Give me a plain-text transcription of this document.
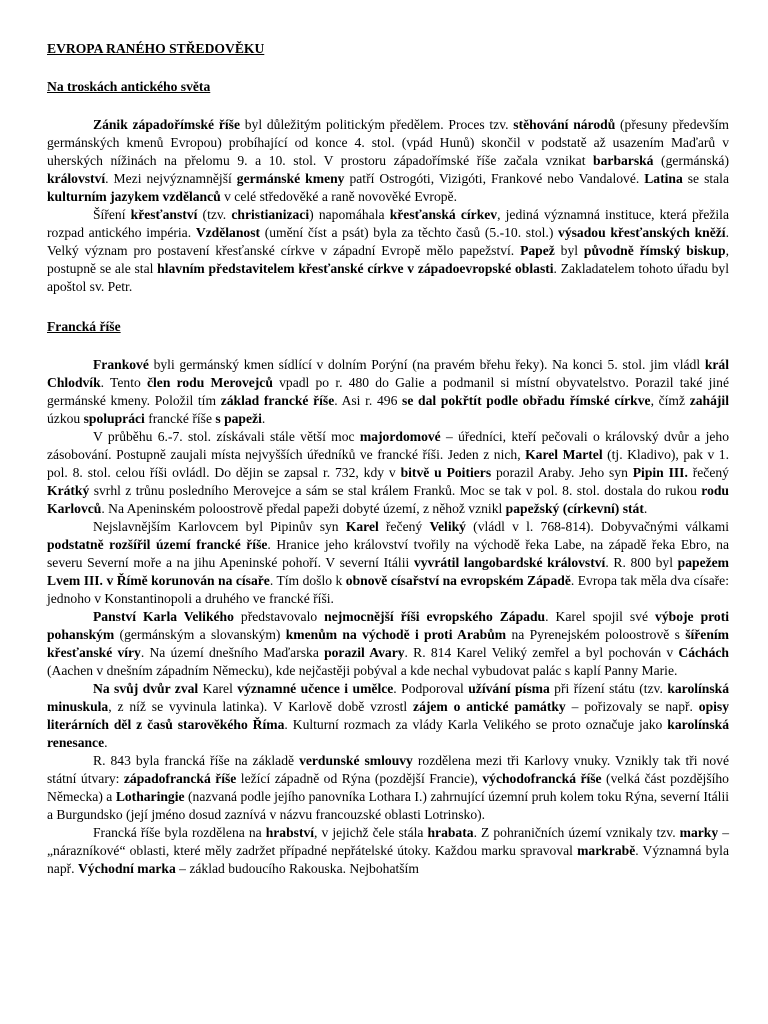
EVROPA RANÉHO STŘEDOVĚKU
Na troskách antického světa

Zánik západořímské říše byl důležitým politickým předělem. Proces tzv. stěhování národů (přesuny především germánských kmenů Evropou) probíhající od konce 4. stol. (vpád Hunů) skončil v podstatě až usazením Maďarů v uherských nížinách na přelomu 9. a 10. stol. V prostoru západořímské říše začala vznikat barbarská (germánská) království. Mezi nejvýznamnější germánské kmeny patří Ostrogóti, Vizigóti, Frankové nebo Vandalové. Latina se stala kulturním jazykem vzdělanců v celé středověké a raně novověké Evropě.

Šíření křesťanství (tzv. christianizaci) napomáhala křesťanská církev, jediná významná instituce, která přežila rozpad antického impéria. Vzdělanost (umění číst a psát) byla za těchto časů (5.-10. stol.) výsadou křesťanských kněží. Velký význam pro postavení křesťanské církve v západní Evropě mělo papežství. Papež byl původně římský biskup, postupně se ale stal hlavním představitelem křesťanské církve v západoevropské oblasti. Zakladatelem tohoto úřadu byl apoštol sv. Petr.

Francká říše

Frankové byli germánský kmen sídlící v dolním Porýní (na pravém břehu řeky). Na konci 5. stol. jim vládl král Chlodvík. Tento člen rodu Merovejců vpadl po r. 480 do Galie a podmanil si místní obyvatelstvo. Porazil také jiné germánské kmeny. Položil tím základ francké říše. Asi r. 496 se dal pokřtít podle obřadu římské církve, čímž zahájil úzkou spolupráci francké říše s papeži.

V průběhu 6.-7. stol. získávali stále větší moc majordomové – úředníci, kteří pečovali o královský dvůr a jeho zásobování. Postupně zaujali místa nejvyšších úředníků ve francké říši. Jeden z nich, Karel Martel (tj. Kladivo), pak v 1. pol. 8. stol. celou říši ovládl. Do dějin se zapsal r. 732, kdy v bitvě u Poitiers porazil Araby. Jeho syn Pipin III. řečený Krátký svrhl z trůnu posledního Merovejce a sám se stal králem Franků. Moc se tak v pol. 8. stol. dostala do rukou rodu Karlovců. Na Apeninském poloostrově předal papeži dobyté území, z něhož vznikl papežský (církevní) stát.

Nejslavnějším Karlovcem byl Pipinův syn Karel řečený Veliký (vládl v l. 768-814). Dobyvačnými válkami podstatně rozšířil území francké říše. Hranice jeho království tvořily na východě řeka Labe, na západě řeka Ebro, na severu Severní moře a na jihu Apeninské pohoří. V severní Itálii vyvrátil langobardské království. R. 800 byl papežem Lvem III. v Římě korunován na císaře. Tím došlo k obnově císařství na evropském Západě. Evropa tak měla dva císaře: jednoho v Konstantinopoli a druhého ve francké říši.

Panství Karla Velikého představovalo nejmocnější říši evropského Západu. Karel spojil své výboje proti pohanským (germánským a slovanským) kmenům na východě i proti Arabům na Pyrenejském poloostrově s šířením křesťanské víry. Na území dnešního Maďarska porazil Avary. R. 814 Karel Veliký zemřel a byl pochován v Cáchách (Aachen v dnešním západním Německu), kde nejčastěji pobýval a kde nechal vybudovat palác s kaplí Panny Marie.

Na svůj dvůr zval Karel významné učence i umělce. Podporoval užívání písma při řízení státu (tzv. karolínská minuskula, z níž se vyvinula latinka). V Karlově době vzrostl zájem o antické památky – pořizovaly se např. opisy literárních děl z časů starověkého Říma. Kulturní rozmach za vlády Karla Velikého se proto označuje jako karolínská renesance.

R. 843 byla francká říše na základě verdunské smlouvy rozdělena mezi tři Karlovy vnuky. Vznikly tak tři nové státní útvary: západofrancká říše ležící západně od Rýna (pozdější Francie), východofrancká říše (velká část pozdějšího Německa) a Lotharingie (nazvaná podle jejího panovníka Lothara I.) zahrnující územní pruh kolem toku Rýna, severní Itálii a Burgundsko (její jméno dosud zaznívá v názvu francouzské oblasti Lotrinsko).

Francká říše byla rozdělena na hrabství, v jejichž čele stála hrabata. Z pohraničních území vznikaly tzv. marky – „nárazníkové“ oblasti, které měly zadržet případné nepřátelské útoky. Každou marku spravoval markrabě. Významná byla např. Východní marka – základ budoucího Rakouska. Nejbohatším
